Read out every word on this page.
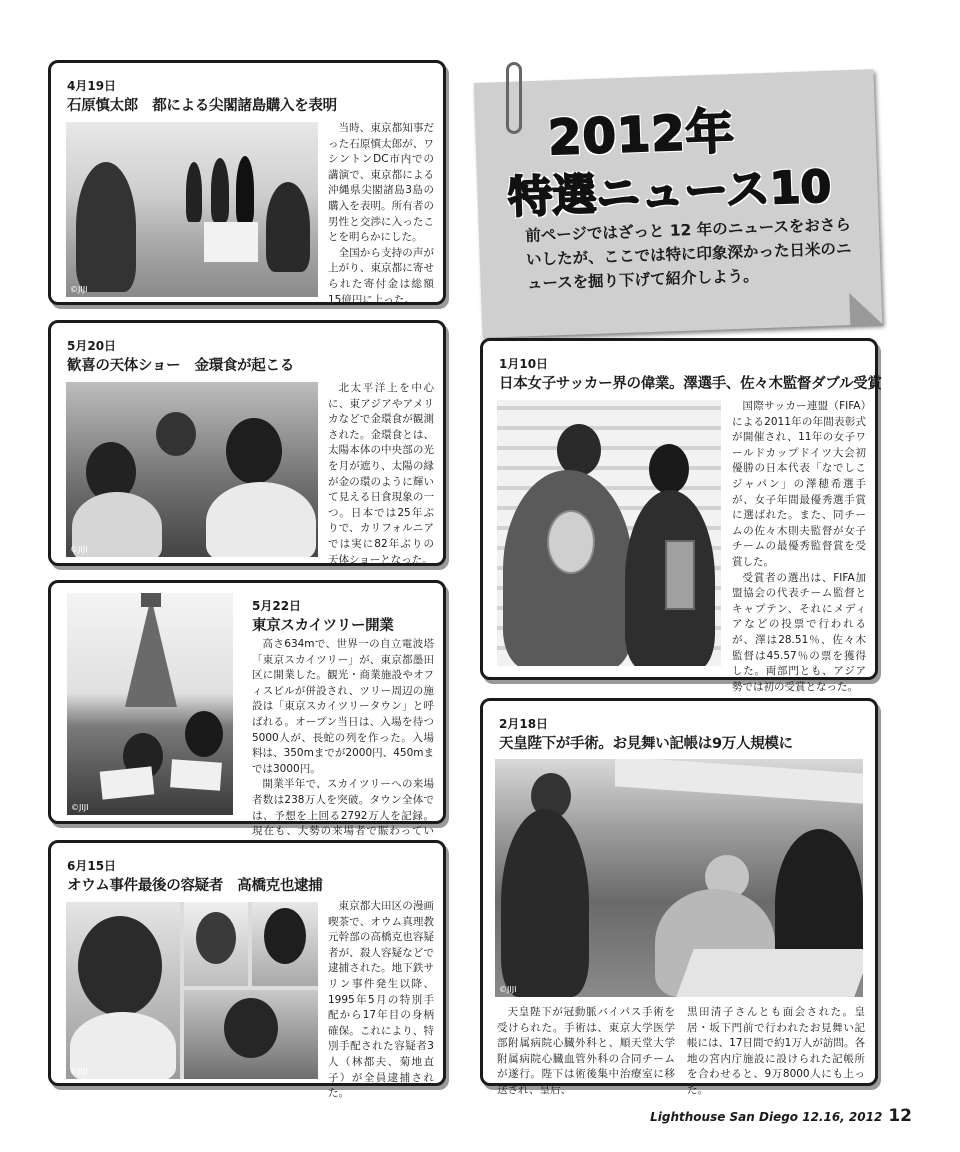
2012年
特選ニュース10
前ページではざっと 12 年のニュースをおさらいしたが、ここでは特に印象深かった日米のニュースを掘り下げて紹介しよう。
4月19日
石原慎太郎　都による尖閣諸島購入を表明
©JIJI

当時、東京都知事だった石原慎太郎が、ワシントンDC市内での講演で、東京都による沖縄県尖閣諸島3島の購入を表明。所有者の男性と交渉に入ったことを明らかにした。

全国から支持の声が上がり、東京都に寄せられた寄付金は総額15億円に上った。

5月20日
歓喜の天体ショー　金環食が起こる
©JIJI

北太平洋上を中心に、東アジアやアメリカなどで金環食が観測された。金環食とは、太陽本体の中央部の光を月が遮り、太陽の縁が金の環のように輝いて見える日食現象の一つ。日本では25年ぶりで、カリフォルニアでは実に82年ぶりの天体ショーとなった。

©JIJI
5月22日
東京スカイツリー開業

高さ634mで、世界一の自立電波塔「東京スカイツリー」が、東京都墨田区に開業した。観光・商業施設やオフィスビルが併設され、ツリー周辺の施設は「東京スカイツリータウン」と呼ばれる。オープン当日は、入場を待つ5000人が、長蛇の列を作った。入場料は、350mまでが2000円、450mまでは3000円。

開業半年で、スカイツリーへの来場者数は238万人を突破。タウン全体では、予想を上回る2792万人を記録。現在も、大勢の来場者で賑わってい

6月15日
オウム事件最後の容疑者　高橋克也逮捕
©JIJI

東京都大田区の漫画喫茶で、オウム真理教元幹部の高橋克也容疑者が、殺人容疑などで逮捕された。地下鉄サリン事件発生以降、1995年5月の特別手配から17年目の身柄確保。これにより、特別手配された容疑者3人（林都夫、菊地直子）が全員逮捕された。

1月10日
日本女子サッカー界の偉業。澤選手、佐々木監督ダブル受賞

国際サッカー連盟（FIFA）による2011年の年間表彰式が開催され、11年の女子ワールドカップドイツ大会初優勝の日本代表「なでしこジャパン」の澤穂希選手が、女子年間最優秀選手賞に選ばれた。また、同チームの佐々木則夫監督が女子チームの最優秀監督賞を受賞した。

受賞者の選出は、FIFA加盟協会の代表チーム監督とキャプテン、それにメディアなどの投票で行われるが、澤は28.51％、佐々木監督は45.57％の票を獲得した。両部門とも、アジア勢では初の受賞となった。

2月18日
天皇陛下が手術。お見舞い記帳は9万人規模に
©JIJI

天皇陛下が冠動脈バイパス手術を受けられた。手術は、東京大学医学部附属病院心臓外科と、順天堂大学附属病院心臓血管外科の合同チームが遂行。陛下は術後集中治療室に移送され、皇后、

黒田清子さんとも面会された。皇居・坂下門前で行われたお見舞い記帳には、17日間で約1万人が訪問。各地の宮内庁施設に設けられた記帳所を合わせると、9万8000人にも上った。

Lighthouse San Diego 12.16, 2012 12
